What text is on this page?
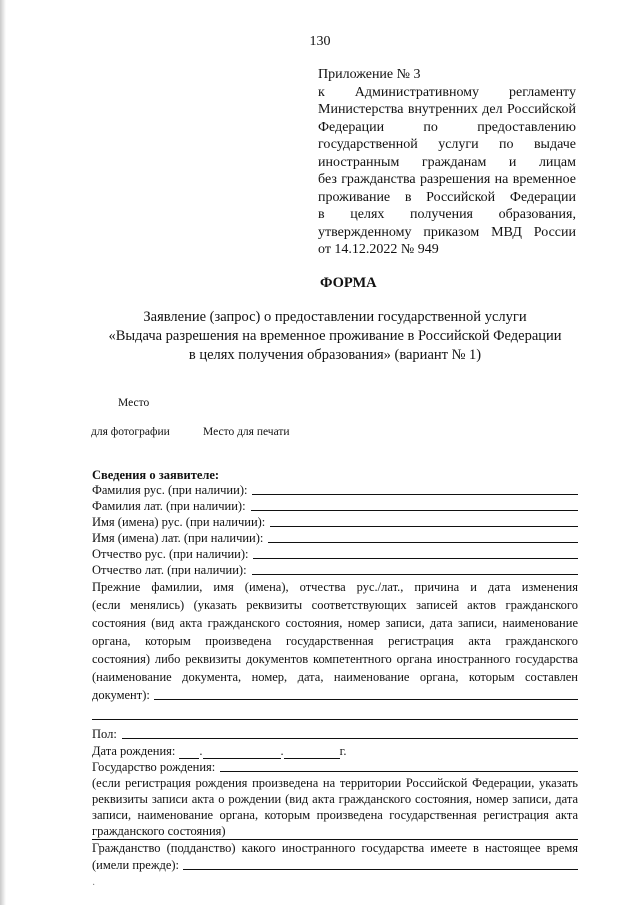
130
Приложение № 3
к Административному регламенту
Министерства внутренних дел Российской
Федерации по предоставлению
государственной услуги по выдаче
иностранным гражданам и лицам
без гражданства разрешения на временное
проживание в Российской Федерации
в целях получения образования,
утвержденному приказом МВД России
от 14.12.2022 № 949
ФОРМА
Заявление (запрос) о предоставлении государственной услуги
«Выдача разрешения на временное проживание в Российской Федерации
в целях получения образования» (вариант № 1)
Место
для фотографии	Место для печати
Сведения о заявителе:
Фамилия рус. (при наличии):
Фамилия лат. (при наличии):
Имя (имена) рус. (при наличии):
Имя (имена) лат. (при наличии):
Отчество рус. (при наличии):
Отчество лат. (при наличии):
Прежние фамилии, имя (имена), отчества рус./лат., причина и дата изменения
(если менялись) (указать реквизиты соответствующих записей актов гражданского
состояния (вид акта гражданского состояния, номер записи, дата записи, наименование
органа, которым произведена государственная регистрация акта гражданского
состояния) либо реквизиты документов компетентного органа иностранного государства
(наименование документа, номер, дата, наименование органа, которым составлен
документ):
Пол:
Дата рождения: .	.	г.
Государство рождения:
(если регистрация рождения произведена на территории Российской Федерации, указать
реквизиты записи акта о рождении (вид акта гражданского состояния, номер записи, дата
записи, наименование органа, которым произведена государственная регистрация акта
гражданского состояния)
Гражданство (подданство) какого иностранного государства имеете в настоящее время
(имели прежде):
·
